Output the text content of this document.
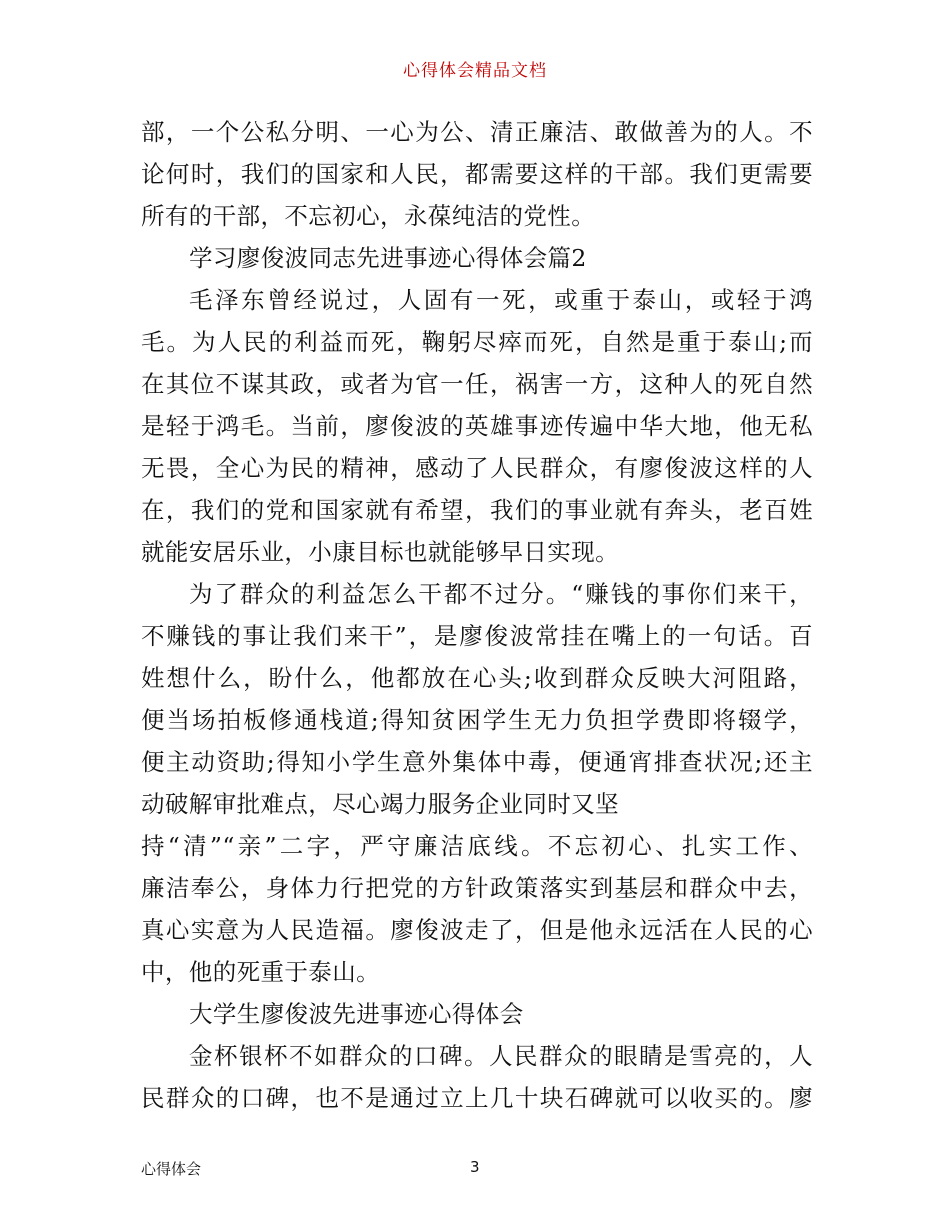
心得体会精品文档
部，一个公私分明、一心为公、清正廉洁、敢做善为的人。不
论何时，我们的国家和人民，都需要这样的干部。我们更需要
所有的干部，不忘初心，永葆纯洁的党性。
学习廖俊波同志先进事迹心得体会篇2
毛泽东曾经说过，人固有一死，或重于泰山，或轻于鸿
毛。为人民的利益而死，鞠躬尽瘁而死，自然是重于泰山;而
在其位不谋其政，或者为官一任，祸害一方，这种人的死自然
是轻于鸿毛。当前，廖俊波的英雄事迹传遍中华大地，他无私
无畏，全心为民的精神，感动了人民群众，有廖俊波这样的人
在，我们的党和国家就有希望，我们的事业就有奔头，老百姓
就能安居乐业，小康目标也就能够早日实现。
为了群众的利益怎么干都不过分。“赚钱的事你们来干，
不赚钱的事让我们来干”，是廖俊波常挂在嘴上的一句话。百
姓想什么，盼什么，他都放在心头;收到群众反映大河阻路，
便当场拍板修通栈道;得知贫困学生无力负担学费即将辍学，
便主动资助;得知小学生意外集体中毒，便通宵排查状况;还主
动破解审批难点，尽心竭力服务企业同时又坚
持“清”“亲”二字，严守廉洁底线。不忘初心、扎实工作、
廉洁奉公，身体力行把党的方针政策落实到基层和群众中去，
真心实意为人民造福。廖俊波走了，但是他永远活在人民的心
中，他的死重于泰山。
大学生廖俊波先进事迹心得体会
金杯银杯不如群众的口碑。人民群众的眼睛是雪亮的，人
民群众的口碑，也不是通过立上几十块石碑就可以收买的。廖
心得体会	3
